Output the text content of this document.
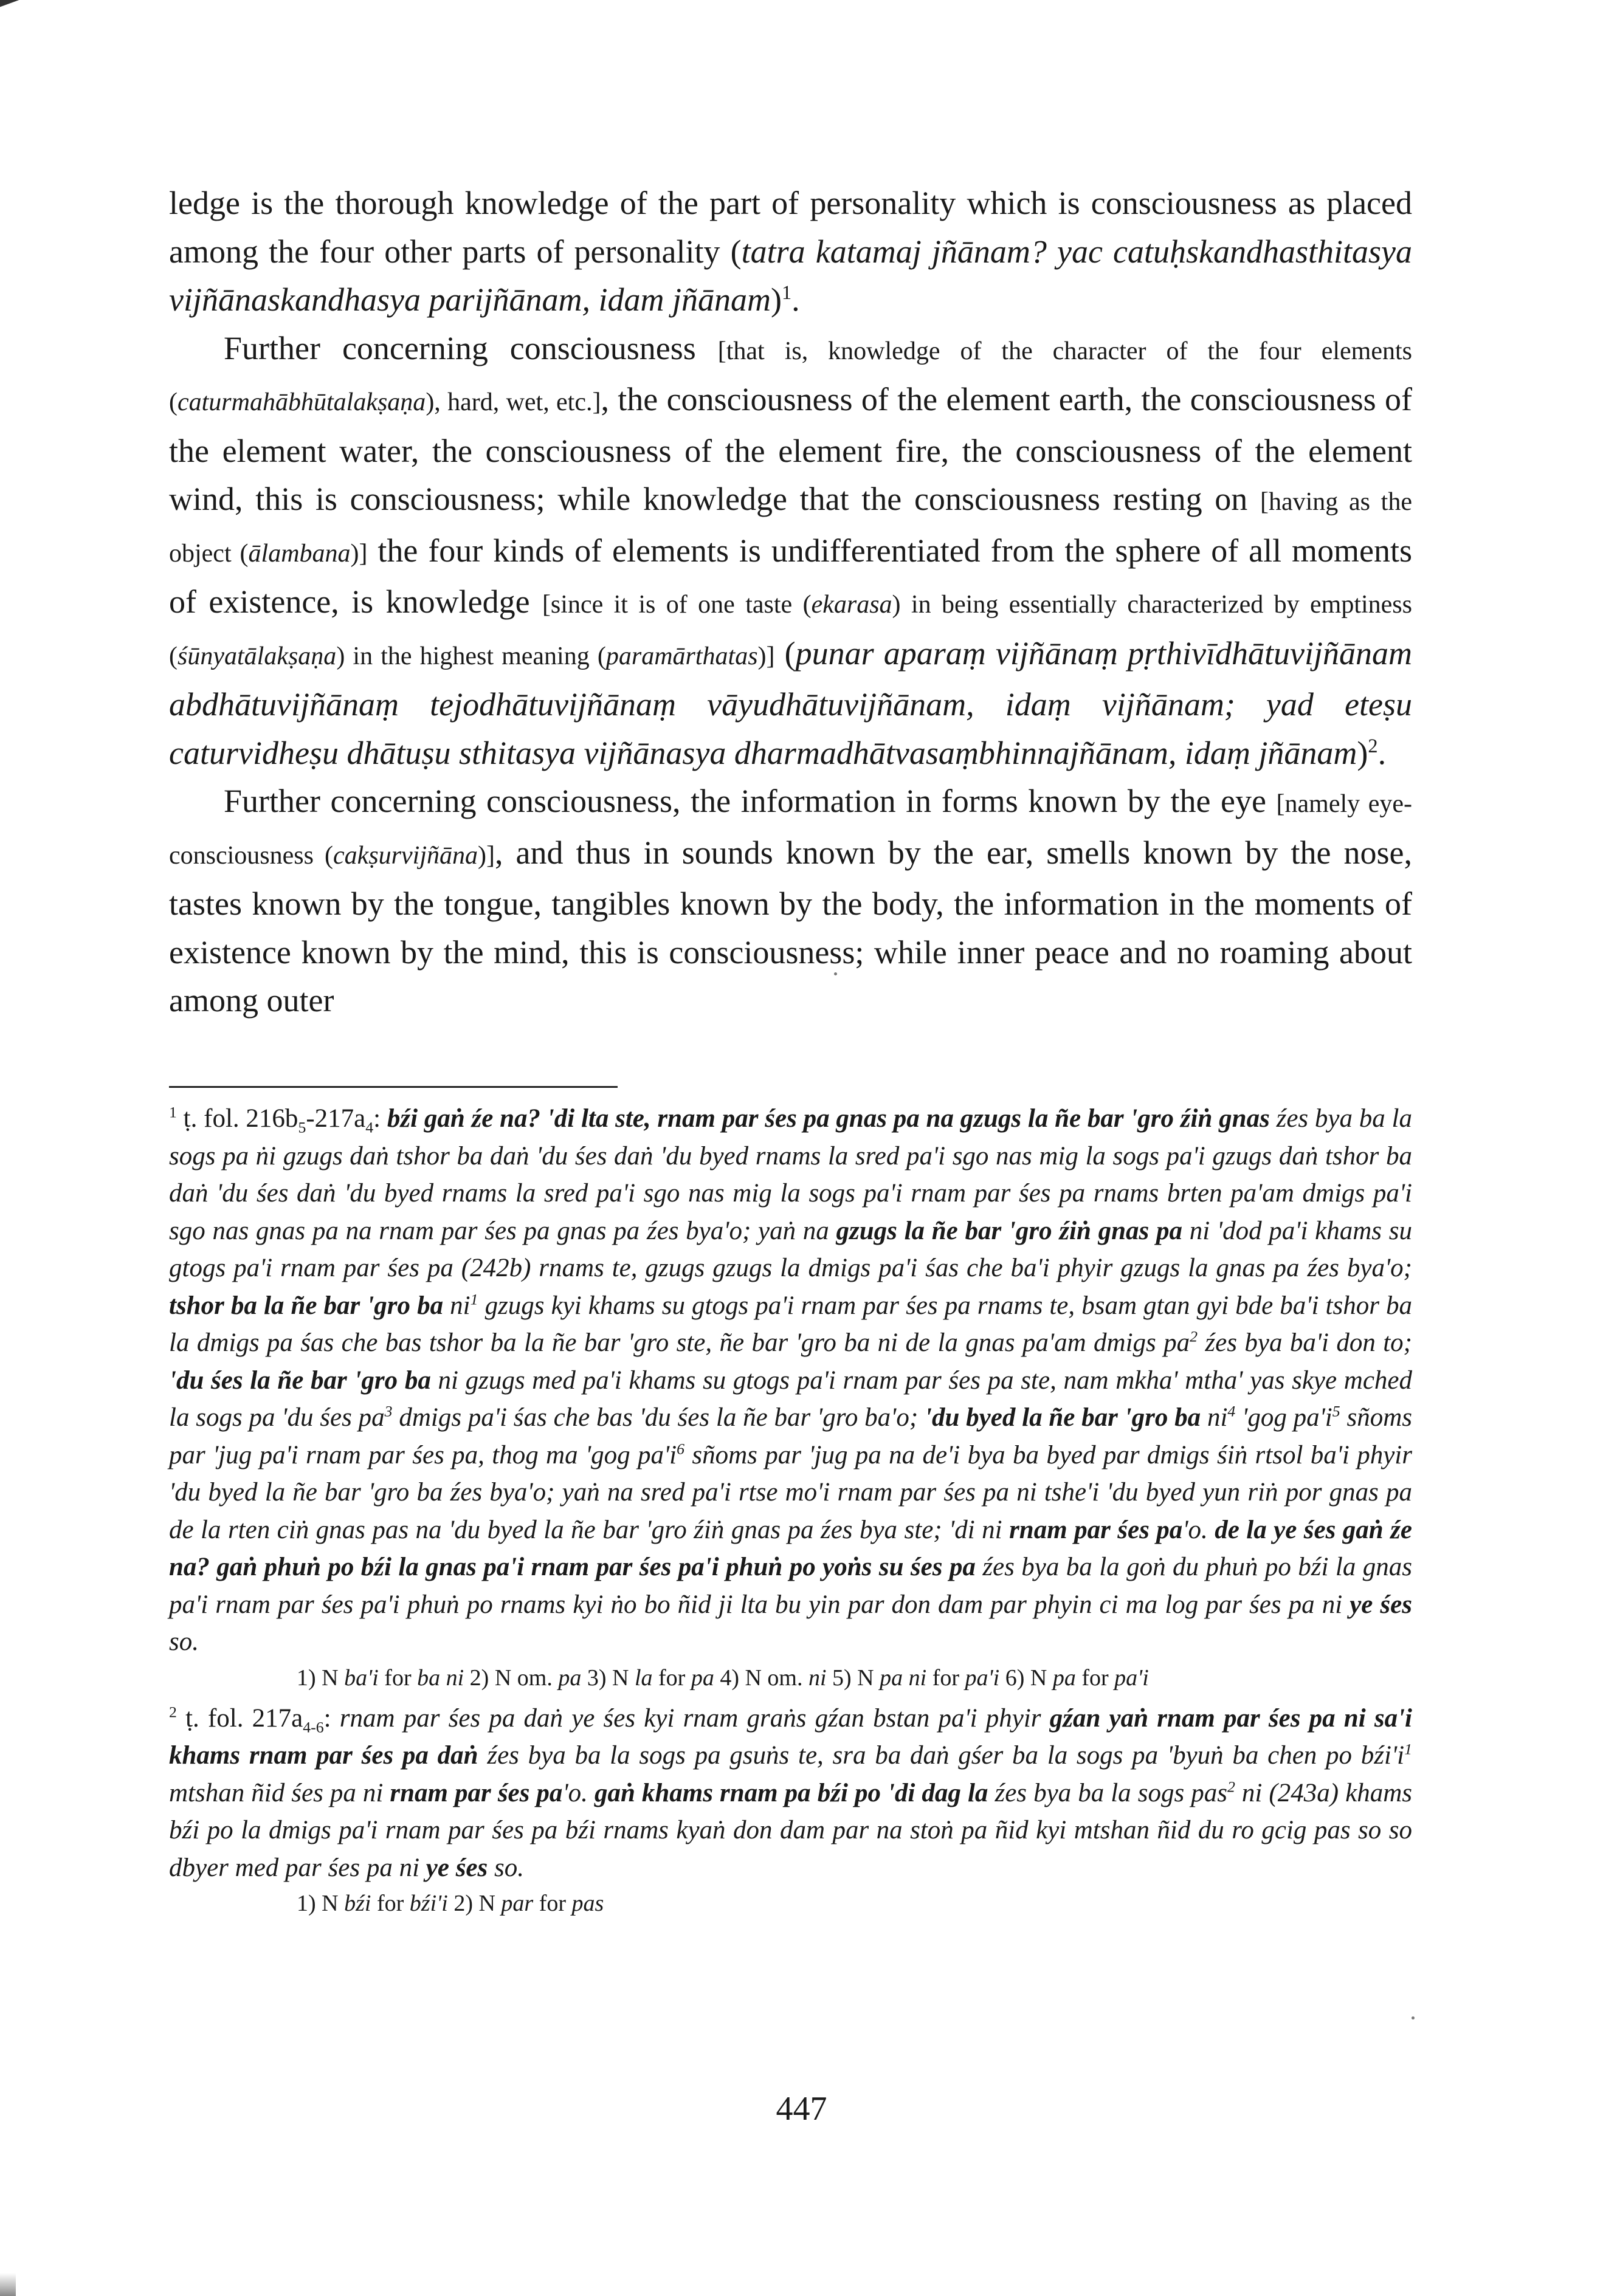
ledge is the thorough knowledge of the part of personality which is consciousness as placed among the four other parts of personality (tatra katamaj jñānam? yac catuḥskandhasthitasya vijñānaskandhasya parijñānam, idam jñānam)$^1$.

Further concerning consciousness [that is, knowledge of the character of the four elements (caturmahābhūtalakṣaṇa), hard, wet, etc.], the consciousness of the element earth, the consciousness of the element water, the consciousness of the element fire, the consciousness of the element wind, this is consciousness; while knowledge that the consciousness resting on [having as the object (ālambana)] the four kinds of elements is undifferentiated from the sphere of all moments of existence, is knowledge [since it is of one taste (ekarasa) in being essentially characterized by emptiness (śūnyatālakṣaṇa) in the highest meaning (paramārthatas)] (punar aparaṃ vijñānaṃ pṛthivīdhātuvijñānam abdhātuvijñānaṃ tejodhātuvijñānaṃ vāyudhātuvijñānam, idaṃ vijñānam; yad eteṣu caturvidheṣu dhātuṣu sthitasya vijñānasya dharmadhātvasaṃbhinnajñānam, idaṃ jñānam)$^2$.

Further concerning consciousness, the information in forms known by the eye [namely eye-consciousness (cakṣurvijñāna)], and thus in sounds known by the ear, smells known by the nose, tastes known by the tongue, tangibles known by the body, the information in the moments of existence known by the mind, this is consciousness; while inner peace and no roaming about among outer

$^1$ ṭ. fol. $216b_5-217a_4$: bźi gaṅ źe na? 'di lta ste, rnam par śes pa gnas pa na gzugs la ñe bar 'gro źiṅ gnas źes bya ba la sogs pa ṅi gzugs daṅ tshor ba daṅ 'du śes daṅ 'du byed rnams la sred pa'i sgo nas mig la sogs pa'i gzugs daṅ tshor ba daṅ 'du śes daṅ 'du byed rnams la sred pa'i sgo nas mig la sogs pa'i rnam par śes pa rnams brten pa'am dmigs pa'i sgo nas gnas pa na rnam par śes pa gnas pa źes bya'o; yaṅ na gzugs la ñe bar 'gro źiṅ gnas pa ni 'dod pa'i khams su gtogs pa'i rnam par śes pa (242b) rnams te, gzugs gzugs la dmigs pa'i śas che ba'i phyir gzugs la gnas pa źes bya'o; tshor ba la ñe bar 'gro ba $ni^1$ gzugs kyi khams su gtogs pa'i rnam par śes pa rnams te, bsam gtan gyi bde ba'i tshor ba la dmigs pa śas che bas tshor ba la ñe bar 'gro ste, ñe bar 'gro ba ni de la gnas pa'am dmigs $pa^2$ źes bya ba'i don to; 'du śes la ñe bar 'gro ba ni gzugs med pa'i khams su gtogs pa'i rnam par śes pa ste, nam mkha' mtha' yas skye mched la sogs pa 'du śes $pa^3$ dmigs pa'i śas che bas 'du śes la ñe bar 'gro ba'o; 'du byed la ñe bar 'gro ba $ni^4$ 'gog $pa'i^5$ sñoms par 'jug pa'i rnam par śes pa, thog ma 'gog $pa'i^6$ sñoms par 'jug pa na de'i bya ba byed par dmigs śiṅ rtsol ba'i phyir 'du byed la ñe bar 'gro ba źes bya'o; yaṅ na sred pa'i rtse mo'i rnam par śes pa ni tshe'i 'du byed yun riṅ por gnas pa de la rten ciṅ gnas pas na 'du byed la ñe bar 'gro źiṅ gnas pa źes bya ste; 'di ni rnam par śes pa'o. de la ye śes gaṅ źe na? gaṅ phuṅ po bźi la gnas pa'i rnam par śes pa'i phuṅ po yoṅs su śes pa źes bya ba la goṅ du phuṅ po bźi la gnas pa'i rnam par śes pa'i phuṅ po rnams kyi ṅo bo ñid ji lta bu yin par don dam par phyin ci ma log par śes pa ni ye śes so.

1) N ba'i for ba ni 2) N om. pa 3) N la for pa 4) N om. ni 5) N pa ni for pa'i 6) N pa for pa'i

$^2$ ṭ. fol. $217a_{4-6}$: rnam par śes pa daṅ ye śes kyi rnam graṅs gźan bstan pa'i phyir gźan yaṅ rnam par śes pa ni sa'i khams rnam par śes pa daṅ źes bya ba la sogs pa gsuṅs te, sra ba daṅ gśer ba la sogs pa 'byuṅ ba chen po $bźi'i^1$ mtshan ñid śes pa ni rnam par śes pa'o. gaṅ khams rnam pa bźi po 'di dag la źes bya ba la sogs pas$^2$ ni (243a) khams bźi po la dmigs pa'i rnam par śes pa bźi rnams kyaṅ don dam par na stoṅ pa ñid kyi mtshan ñid du ro gcig pas so so dbyer med par śes pa ni ye śes so.

1) N bźi for bźi'i 2) N par for pas

447
